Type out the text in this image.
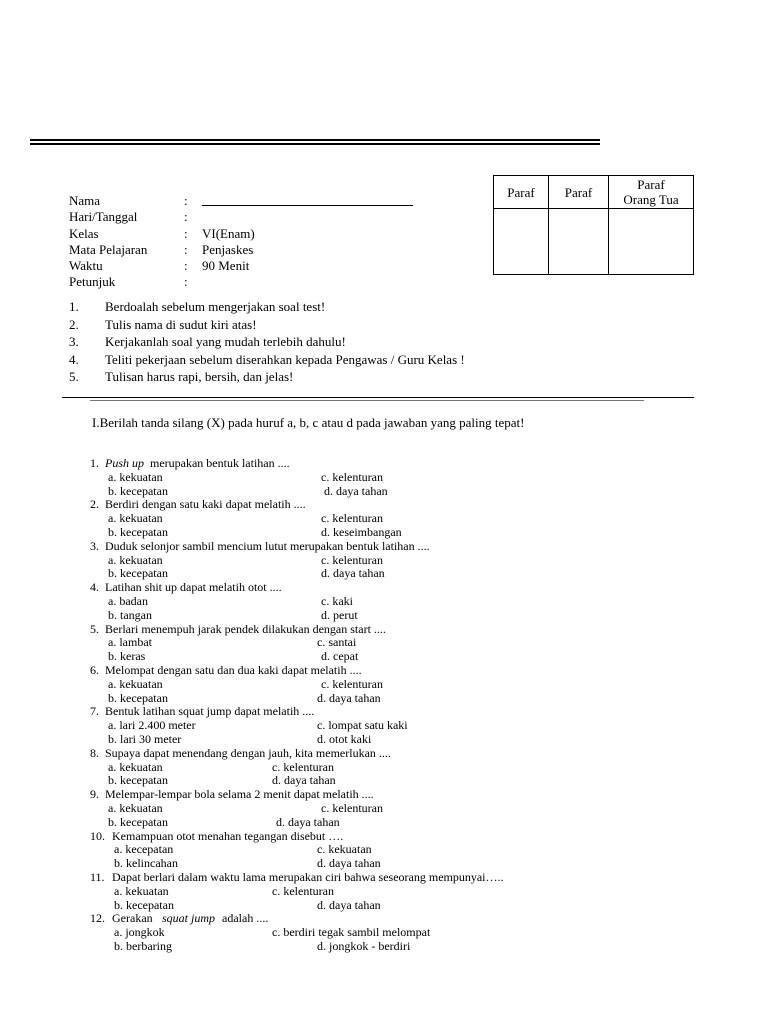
Nama	:
Hari/Tanggal	:
Kelas	: VI(Enam)
Mata Pelajaran	: Penjaskes
Waktu	: 90 Menit
Petunjuk	:
Paraf	Paraf	Paraf
Orang Tua

1. Berdoalah sebelum mengerjakan soal test!
2. Tulis nama di sudut kiri atas!
3. Kerjakanlah soal yang mudah terlebih dahulu!
4. Teliti pekerjaan sebelum diserahkan kepada Pengawas / Guru Kelas !
5. Tulisan harus rapi, bersih, dan jelas!
I.Berilah tanda silang (X) pada huruf a, b, c atau d pada jawaban yang paling tepat!
1. Push up merupakan bentuk latihan ....
a. kekuatan	c. kelenturan
b. kecepatan	d. daya tahan
2. Berdiri dengan satu kaki dapat melatih ....
a. kekuatan	c. kelenturan
b. kecepatan	d. keseimbangan
3. Duduk selonjor sambil mencium lutut merupakan bentuk latihan ....
a. kekuatan	c. kelenturan
b. kecepatan	d. daya tahan
4. Latihan shit up dapat melatih otot ....
a. badan	c. kaki
b. tangan	d. perut
5. Berlari menempuh jarak pendek dilakukan dengan start ....
a. lambat	c. santai
b. keras	d. cepat
6. Melompat dengan satu dan dua kaki dapat melatih ....
a. kekuatan	c. kelenturan
b. kecepatan	d. daya tahan
7. Bentuk latihan squat jump dapat melatih ....
a. lari 2.400 meter	c. lompat satu kaki
b. lari 30 meter	d. otot kaki
8. Supaya dapat menendang dengan jauh, kita memerlukan ....
a. kekuatan	c. kelenturan
b. kecepatan	d. daya tahan
9. Melempar-lempar bola selama 2 menit dapat melatih ....
a. kekuatan	c. kelenturan
b. kecepatan	d. daya tahan
10. Kemampuan otot menahan tegangan disebut ….
a. kecepatan	c. kekuatan
b. kelincahan	d. daya tahan
11. Dapat berlari dalam waktu lama merupakan ciri bahwa seseorang mempunyai…..
a. kekuatan	c. kelenturan
b. kecepatan	d. daya tahan
12. Gerakan squat jump adalah ....
a. jongkok	c. berdiri tegak sambil melompat
b. berbaring	d. jongkok - berdiri
